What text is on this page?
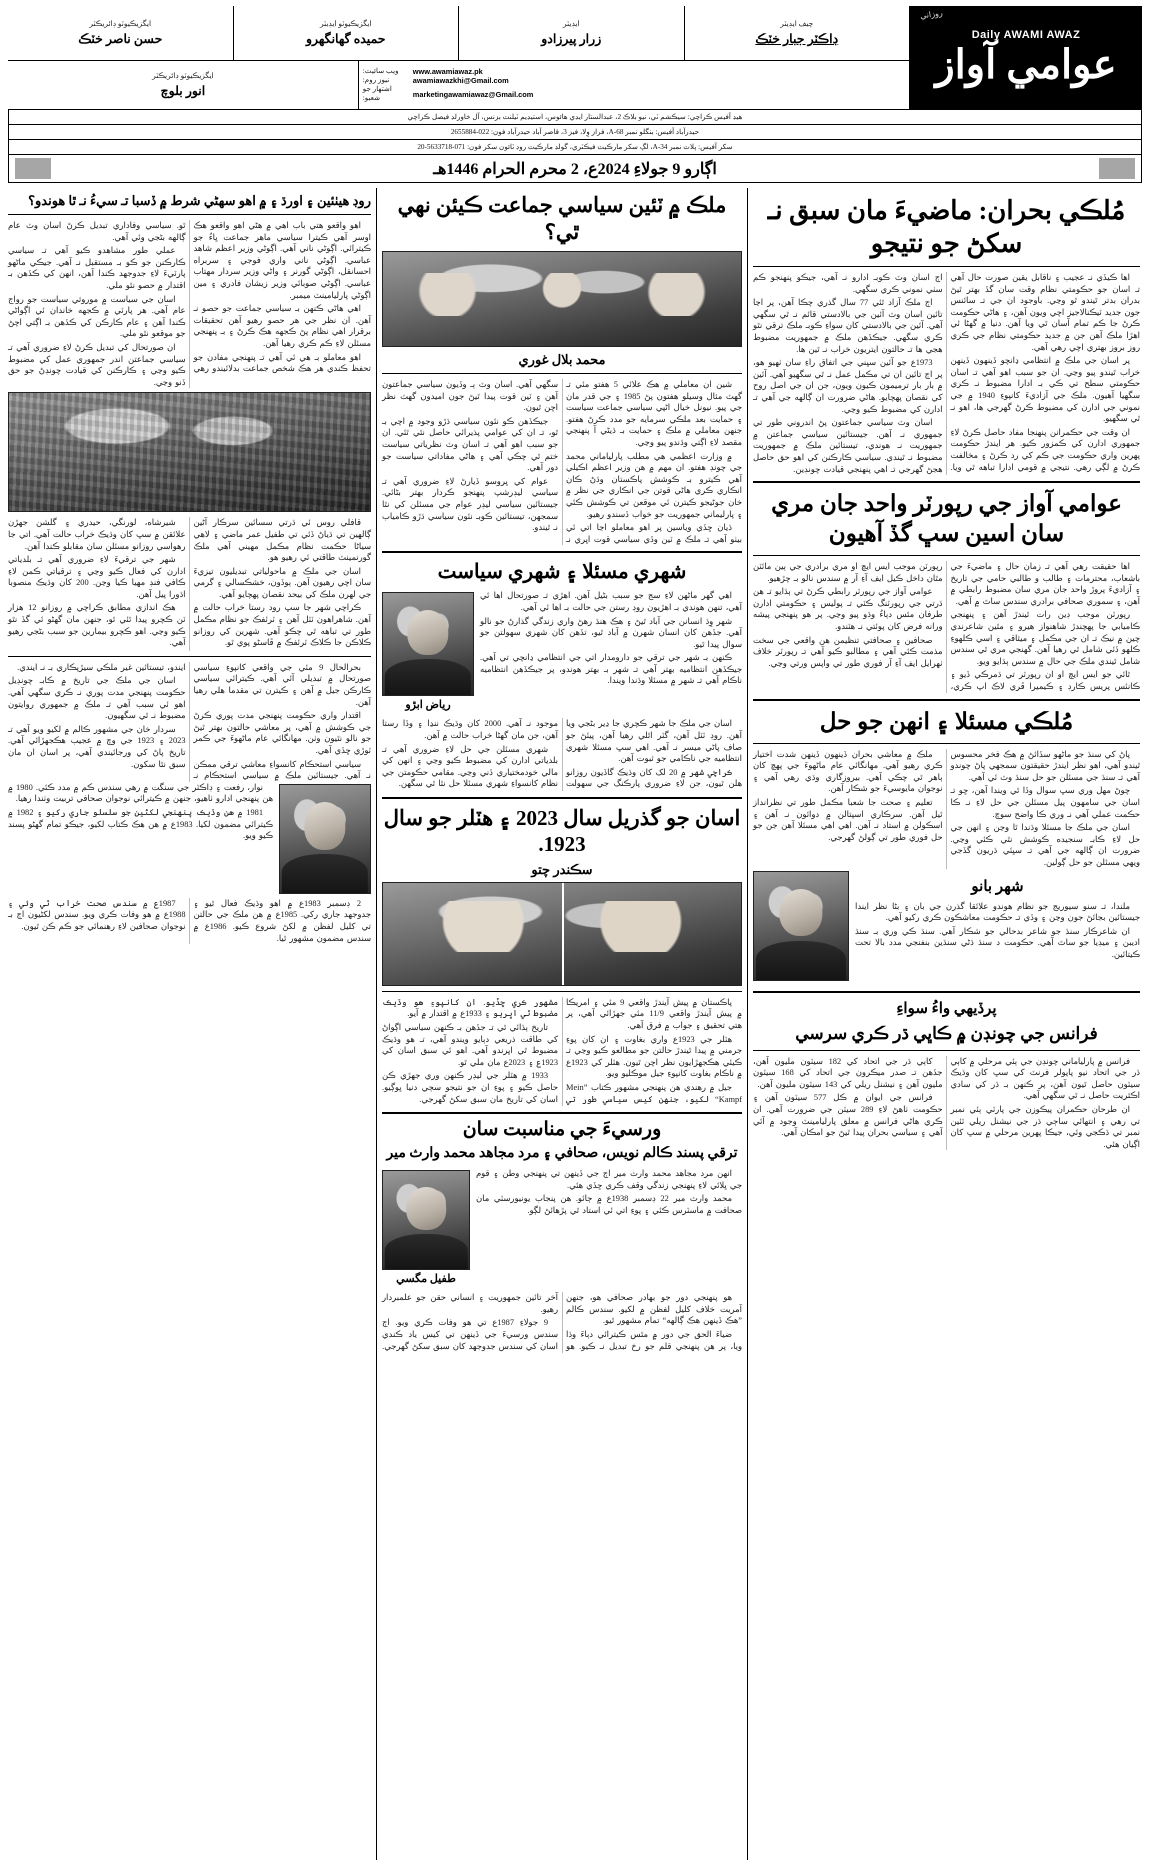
روزاني
Daily AWAMI AWAZ
عوامي آواز
چيف ايڊيٽر
ڊاڪٽر جبار خٽڪ
ايڊيٽر
زرار پيرزادو
ايگزيڪيوٽو ايڊيٽر
حميده گهانگهرو
ايگزيڪيوٽو ڊائريڪٽر
حسن ناصر خٽڪ
www.awamiawaz.pk
ويب سائيٽ:
awamiawazkhi@Gmail.com
نيوز روم:
marketingawamiawaz@Gmail.com
اشتهار جو شعبو:
ايگزيڪيوٽو ڊائريڪٽر
انور بلوچ
هيڊ آفيس ڪراچي: سيڪشم ٽي، نيو بلاڪ 2، عبدالستار ايڊي هائوس، استيڊيم ٽيلنٽ بزنس، آل خاورلڊ فيصل ڪراچي
حيدرآباد آفيس: بنگلو نمبر A-68، فراز وِلا، فيز 3، قاصر آباد حيدرآباد فون: 022-2655884
سکر آفيس: پلاٽ نمبر A-34، لڳ سکر مارڪيٽ فيڪٽري، گولڊ مارڪيٽ روڊ ٽائون سکر فون: 071-5633718-20
اڳارو 9 جولاءِ 2024ع، 2 محرم الحرام 1446هـ
مُلڪي بحران: ماضيءَ مان سبق نـ سکڻ جو نتيجو

اها ڪيڏي نـ عجيب ۽ ناقابل يقين صورت حال آهي تـ اسان جو حڪومتي نظام وقت سان گڏ بهتر ٿيڻ بدران بدتر ٿيندو ٿو وڃي. باوجود ان جي تـ سائنس جون جديد ٽيڪنالاجيز اچي ويون آهن، ۽ هاڻي حڪومت ڪرڻ جا ڪم تمام آسان ٿي ويا آهن. دنيا ۾ گهڻا ئي اهڙا ملڪ آهن جن ۾ جديد حڪومتي نظام جي ڪري روز بروز بهتري اچي رهي آهي.

پر اسان جي ملڪ ۾ انتظامي ڍانچو ڏينهون ڏينهن خراب ٿيندو پيو وڃي. ان جو سبب اهو آهي تـ اسان حڪومتي سطح تي ڪي بـ ادارا مضبوط نـ ڪري سگهيا آهيون. ملڪ جي آزاديءَ کانپوءِ 1940 ۾ جي نموني جي ادارن کي مضبوط ڪرڻ گهرجي ها، اهو نـ ٿي سگهيو.

ان وقت جي حڪمرانن پنهنجا مفاد حاصل ڪرڻ لاءِ جمهوري ادارن کي ڪمزور ڪيو. هر ايندڙ حڪومت پهرين واري حڪومت جي ڪم کي رد ڪرڻ ۽ مخالفت ڪرڻ ۾ لڳي رهي. نتيجي ۾ قومي ادارا تباهه ٿي ويا. اڄ اسان وٽ ڪوبـ ادارو نـ آهي، جيڪو پنهنجو ڪم سٺي نموني ڪري سگهي.

اڄ ملڪ آزاد ٿئي 77 سال گذري چڪا آهن، پر اڃا تائين اسان وٽ آئين جي بالادستي قائم نـ ٿي سگهي آهي. آئين جي بالادستي کان سواءِ ڪوبـ ملڪ ترقي نٿو ڪري سگهي. جيڪڏهن ملڪ ۾ جمهوريت مضبوط هجي ها تـ حالتون ايتريون خراب نـ ٿين ها.

1973ع جو آئين سڀني جي اتفاق راءِ سان ٺهيو هو، پر اڄ تائين ان تي مڪمل عمل نـ ٿي سگهيو آهي. آئين ۾ بار بار ترميمون ڪيون ويون، جن ان جي اصل روح کي نقصان پهچايو. هاڻي ضرورت ان ڳالهه جي آهي تـ ادارن کي مضبوط ڪيو وڃي.

اسان وٽ سياسي جماعتون پڻ اندروني طور تي جمهوري نـ آهن. جيستائين سياسي جماعتن ۾ جمهوريت نـ هوندي، تيستائين ملڪ ۾ جمهوريت مضبوط نـ ٿيندي. سياسي ڪارڪنن کي اهو حق حاصل هجڻ گهرجي تـ اهي پنهنجي قيادت چونڊين.

عوامي آواز جي رپورٽر واحد جان مري سان اسين سڀ گڏ آهيون

اها حقيقت رهي آهي تـ زمان حال ۽ ماضيءَ جي باشعاب، محترمات ۽ طالب و طالبي حامي جي تاريخ ۽ آزاديءَ پروڙ واحد جان مري سان مضبوط رابطي ۾ آهن، ۽ سموري صحافي برادري سندس ساٿ ۾ آهي.

رپورٽن موجب ڊين رات ٿيندڙ آهن ۽ پنهنجي ڪاميابي جا پهچندڙ شاهنواز هيرو ۽ مٿين شاعرندي چين ۾ نيڪ تـ ان جي مڪمل ۽ ميثاقي ۽ اسي ڪلهوءِ ڪلهو ڏئي شامل ٿي رهيا آهن. گهنجي مري ٿي سندس شامل ٿيندي ملڪ جي حال ۾ سندس ٻڌايو ويو.

ٿائي جو ايس ايچ او ان رپورٽر تي ڌمرڪي ڏيو ۽ ڪانئس پريس ڪارڊ ۽ ڪيميرا ڦري لاڪ اپ ڪري، رپورٽن موجب ايس ايچ او مري برادري جي ٻين مائٽن مٿان داخل ڪيل ايف آءِ آر ۾ سندس نالو بـ چڙهيو.

عوامي آواز جي رپورٽر رابطي ڪرڻ تي ٻڌايو تـ هن ڌرتي جي رپورٽنگ ڪٽي تـ پوليس ۽ حڪومتي ادارن طرفان مٿس دٻاءُ وڌو پيو وڃي. پر هو پنهنجي پيشه ورانه فرض کان پوئتي نـ هٽندو.

صحافين ۽ صحافتي تنظيمن هن واقعي جي سخت مذمت ڪئي آهي ۽ مطالبو ڪيو آهي تـ رپورٽر خلاف ٺهرايل ايف آءِ آر فوري طور تي واپس ورتي وڃي.

مُلڪي مسئلا ۽ انهن جو حل

پاڻ کي سنڌ جو ماڻهو سڏائڻ ۾ هڪ فخر محسوس ٿيندو آهي، اهو نظر ايندڙ حقيقتون سمجهي پاڻ چوندو آهي تـ سنڌ جي مسئلن جو حل سنڌ وٽ ئي آهي.

چوڻ مهل وري سڀ سوال وڏا ٿي ويندا آهن، ڇو تـ اسان جي سامهون پيل مسئلن جي حل لاءِ نـ ڪا حڪمت عملي آهي نـ وري ڪا واضح سوچ.

اسان جي ملڪ جا مسئلا وڌندا ٿا وڃن ۽ انهن جي حل لاءِ ڪابـ سنجيده ڪوشش نٿي ڪئي وڃي. ضرورت ان ڳالهه جي آهي تـ سڀئي ڌريون گڏجي ويهي مسئلن جو حل ڳولين.

ملڪ ۾ معاشي بحران ڏينهون ڏينهن شدت اختيار ڪري رهيو آهي. مهانگائي عام ماڻهوءَ جي پهچ کان ٻاهر ٿي چڪي آهي. بيروزگاري وڌي رهي آهي ۽ نوجوان مايوسيءَ جو شڪار آهن.

تعليم ۽ صحت جا شعبا مڪمل طور تي نظرانداز ٿيل آهن. سرڪاري اسپتالن ۾ دوائون نـ آهن ۽ اسڪولن ۾ استاد نـ آهن. اهي اهي مسئلا آهن جن جو حل فوري طور تي ڳولڻ گهرجي.

شهر بانو

ملندا، تـ سنو سيوريج جو نظام هوندو علائقا گذرن جي بان ۽ بڻا نظر ايندا جيستائين بجائڻ جون وڃن ۽ وڏي تـ حڪومت معاشڪون ڪري رکيو آهي.

ان شاعرڪار سنڌ جو شاعر بدحالي جو شڪار آهي. سنڌ ڪي وري بـ سنڌ اديبن ۽ ميڊيا جو ساٿ آهي. حڪومت د سنڌ ڌڻي سنڌين بنفنجي مدد بالا تحت ڪيتائين.

پرڏيهي واءُ سواءِ
فرانس جي چونڊن ۾ ڪاڀي ڌر ڪري سرسي

فرانس ۾ پارلياماني چونڊن جي ٻئي مرحلي ۾ کاٻي ڌر جي اتحاد نيو پاپولر فرنٽ کي سڀ کان وڌيڪ سيٽون حاصل ٿيون آهن، پر ڪنهن بـ ڌر کي سادي اڪثريت حاصل نـ ٿي سگهي آهي.

ان طرحان حڪمران پيڪوزن جي پارٽي ٻئي نمبر تي رهي ۽ انتهائي ساڄي ڌر جي نيشنل ريلي ٽئين نمبر تي ڌڪجي وئي، جيڪا پهرين مرحلي ۾ سڀ کان اڳيان هئي.

کاٻي ڌر جي اتحاد کي 182 سيٽون مليون آهن، جڏهن تـ صدر ميڪرون جي اتحاد کي 168 سيٽون مليون آهن ۽ نيشنل ريلي کي 143 سيٽون مليون آهن.

فرانس جي ايوان ۾ ڪل 577 سيٽون آهن ۽ حڪومت ٺاهڻ لاءِ 289 سيٽن جي ضرورت آهي. ان ڪري هاڻي فرانس ۾ معلق پارليامينٽ وجود ۾ آئي آهي ۽ سياسي بحران پيدا ٿيڻ جو امڪان آهي.

ملڪ ۾ ٽئين سياسي جماعت ڪيئن نهي ٿي؟
محمد بلال غوري

شين ان معاملي ۾ هڪ علائي 5 هفتو مئي تـ گهٽ مثال وسيلو هفتون پڻ 1985 ۽ جي قدر مان جي پيو. نيونل خيال اڻپي سياسي جماعت سياست ۽ حمايت بعد ملڪي سرمايه جو مدد ڪرڻ هفتو. جنهن معاملي ۾ ملڪ ۽ حمايت بـ ڌيڻي آ پنهنجي مقصد لاءِ اڳتي وڌندو پيو وڃي.

۾ وزارت اعظمي هي مطلب پارلياماني محمد جي چونڊ هفتو. ان مهم ۾ هن وزير اعظم اڪيلي آهي ڪيترو بـ ڪوشش پاڪستان وڌڻ ڪان انڪاري ڪري هاڻي قوتن جي انڪاري جي نظر ۾ خان جوڻيجو ڪيترن ئي موقعن تي ڪوشش ڪئي ۽ پارليماني جمهوريت جو خواب ڏسندو رهيو.

ڌيان ڇڏي وياسين پر اهو معاملو اڃا اتي ئي بيٺو آهي تـ ملڪ ۾ ٽين وڏي سياسي قوت اڀري نـ سگهي آهي. اسان وٽ ٻـ وڏيون سياسي جماعتون آهن ۽ ٽين قوت پيدا ٿيڻ جون اميدون گهٽ نظر اچن ٿيون.

جيڪڏهن ڪو نئون سياسي ڌڙو وجود ۾ اچي بـ ٿو، تـ ان کي عوامي پذيرائي حاصل نٿي ٿئي. ان جو سبب اهو آهي تـ اسان وٽ نظرياتي سياست ختم ٿي چڪي آهي ۽ هاڻي مفاداتي سياست جو دور آهي.

عوام کي ڀروسو ڏيارڻ لاءِ ضروري آهي تـ سياسي ليڊرشپ پنهنجو ڪردار بهتر بڻائي. جيستائين سياسي ليڊر عوام جي مسئلن کي نٿا سمجهن، تيستائين ڪوبـ نئون سياسي ڌڙو ڪامياب نـ ٿيندو.

شهري مسئلا ۽ شهري سياست
رياض ابڙو

اهي گهر ماڻهن لاءِ سج جو سبب بڻيل آهن. اهڙي تـ صورتحال اها ئي آهي، تنهن هوندي بـ اهڙيون روڊ رستن جي حالت بـ اها ئي آهي.

شهر وِڌ انسانن جي آباد ٿيڻ ۽ هڪ هنڌ رهڻ واري زندگي گذارڻ جو نالو آهي. جڏهن کان انسان شهرن ۾ آباد ٿيو، تڏهن کان شهري سهولتن جو سوال پيدا ٿيو.

ڪنهن بـ شهر جي ترقي جو دارومدار اتي جي انتظامي ڍانچي تي آهي. جيڪڏهن انتظاميه بهتر آهي تـ شهر بـ بهتر هوندو، پر جيڪڏهن انتظاميه ناڪام آهي تـ شهر ۾ مسئلا وڌندا ويندا.

اسان جي ملڪ جا شهر ڪچري جا ڍير بڻجي ويا آهن. روڊ ٽٽل آهن، گٽر اٿلي رهيا آهن، پيئڻ جو صاف پاڻي ميسر نـ آهي. اهي سڀ مسئلا شهري انتظاميه جي ناڪامي جو ثبوت آهن.

ڪراچي شهر ۾ 20 لک کان وڌيڪ گاڏيون روزانو هلن ٿيون، جن لاءِ ضروري پارڪنگ جي سهولت موجود نـ آهي. 2000 کان وڌيڪ ننڍا ۽ وڏا رستا آهن، جن مان گهڻا خراب حالت ۾ آهن.

شهري مسئلن جي حل لاءِ ضروري آهي تـ بلدياتي ادارن کي مضبوط ڪيو وڃي ۽ انهن کي مالي خودمختياري ڏني وڃي. مقامي حڪومتن جي نظام کانسواءِ شهري مسئلا حل نٿا ٿي سگهن.

اسان جو گذريل سال 2023 ۽ هٽلر جو سال 1923.
سڪندر چتو

پاڪستان ۾ پيش آيندڙ واقعي 9 مئي ۽ امريڪا ۾ پيش آيندڙ واقعي 11/9 مئي جهڙائي آهي، پر هتي تحقيق ۽ جواب ۾ فرق آهي.

هٽلر جي 1923ع واري بغاوت ۽ ان کان پوءِ جرمني ۾ پيدا ٿيندڙ حالتن جو مطالعو ڪيو وڃي تـ ڪيئي هڪجهڙايون نظر اچن ٿيون. هٽلر کي 1923ع ۾ ناڪام بغاوت کانپوءِ جيل موڪليو ويو.

جيل ۾ رهندي هن پنهنجي مشهور ڪتاب ”Mein Kampf“ لکيو، جنهن کيس سياسي طور تي مشهور ڪري ڇڏيو. ان کانپوءِ هو وڌيڪ مضبوط ٿي اڀريو ۽ 1933ع ۾ اقتدار ۾ آيو.

تاريخ ٻڌائي ٿي تـ جڏهن بـ ڪنهن سياسي اڳواڻ کي طاقت ذريعي دٻايو ويندو آهي، تـ هو وڌيڪ مضبوط ٿي اڀرندو آهي. اهو ئي سبق اسان کي 1923ع ۽ 2023ع مان ملي ٿو.

1933 ۾ هٽلر جي ليڊر ڪنهن وري جهڙي ڪن حاصل ڪيو ۽ پوءِ ان جو نتيجو سڄي دنيا ڀوڳيو. اسان کي تاريخ مان سبق سکڻ گهرجي.

ورسيءَ جي مناسبت سان
ترقي پسند ڪالم نويس، صحافي ۽ مرد مجاهد محمد وارث مير
طفيل مگسي

انهن مرد مجاهد محمد وارث مير اڄ جي ڏينهن تي پنهنجي وطن ۽ قوم جي ڀلائي لاءِ پنهنجي زندگي وقف ڪري ڇڏي هئي.

محمد وارث مير 22 ڊسمبر 1938ع ۾ ڄائو. هن پنجاب يونيورسٽي مان صحافت ۾ ماسٽرس ڪئي ۽ پوءِ اتي ئي استاد ٿي پڙهائڻ لڳو.

هو پنهنجي دور جو بهادر صحافي هو، جنهن آمريت خلاف کليل لفظن ۾ لکيو. سندس ڪالم ”هڪ ڏينهن هڪ ڳالهه“ تمام مشهور ٿيو.

ضياءَ الحق جي دور ۾ مٿس ڪيترائي دٻاءَ وڌا ويا، پر هن پنهنجي قلم جو رخ تبديل نـ ڪيو. هو آخر تائين جمهوريت ۽ انساني حقن جو علمبردار رهيو.

9 جولاءِ 1987ع تي هو وفات ڪري ويو. اڄ سندس ورسيءَ جي ڏينهن تي کيس ياد ڪندي اسان کي سندس جدوجهد کان سبق سکڻ گهرجي.

روڊ هيٺئين ۽ اورڌ ۽ ۾ اهو سهڻي شرط ۾ ڏسبا تـ سيءُ نـ ٿا هوندو؟

اهو واقعو هتي باب اهي ۾ هڻي اهو واقعو هڪ اوسر آهي ڪيترا سياسي ماهر جماعت ڀاءُ جو ڪيترائي. اڳوڻي ناني آهي. اڳوڻي وزير اعظم شاهد عباسي. اڳوڻي ناني واري فوجي ۽ سربراه احسانقل، اڳوڻي گورنر ۽ واڻي وزير سردار مهتاب عباسي. اڳوڻي صوبائي وزير زيشان فادري ۽ مين اڳوڻي پارليامينٽ ميمبر.

اهي هاڻي ڪنهن بـ سياسي جماعت جو حصو نـ آهن. ان نظر جي هر حصو رهيو آهن تحقيقات برقرار اهي نظام پڻ ڪجهه هڪ ڪرڻ ۽ بـ پنهنجي مسئلن لاءِ ڪم ڪري رهيا آهن.

اهو معاملو بـ هي ئي آهي تـ پنهنجي مفادن جو تحفظ ڪندي هر هڪ شخص جماعت بدلائيندو رهي ٿو. سياسي وفاداري تبديل ڪرڻ اسان وٽ عام ڳالهه بڻجي وئي آهي.

عملي طور مشاهدو ڪيو آهي تـ سياسي ڪارڪنن جو ڪو بـ مستقبل نـ آهي. جيڪي ماڻهو پارٽيءَ لاءِ جدوجهد ڪندا آهن، انهن کي ڪڏهن بـ اقتدار ۾ حصو نٿو ملي.

اسان جي سياست ۾ موروثي سياست جو رواج عام آهي. هر پارٽي ۾ ڪجهه خاندان ئي اڳواڻي ڪندا آهن ۽ عام ڪارڪن کي ڪڏهن بـ اڳتي اچڻ جو موقعو نٿو ملي.

ان صورتحال کي تبديل ڪرڻ لاءِ ضروري آهي تـ سياسي جماعتن اندر جمهوري عمل کي مضبوط ڪيو وڃي ۽ ڪارڪنن کي قيادت چونڊڻ جو حق ڏنو وڃي.

قافلي روس ئي ڌرتي سسائين سرڪار آڻين ڳالهين تي ڌياڻ ڏئي تي طفيل عمر ماضي ۽ لاهي سياڻا حڪمت نظام مڪمل مهيني آهي ملڪ گورنمينٽ طاقتي ئي رهيو هو.

اسان جي ملڪ ۾ ماحولياتي تبديليون تيزيءَ سان اچي رهيون آهن. ٻوڏون، خشڪسالي ۽ گرمي جي لهرن ملڪ کي بيحد نقصان پهچايو آهي.

ڪراچي شهر جا سڀ رود رستا خراب حالت ۾ آهن. شاهراهون ٽٽل آهن ۽ ٽرئفڪ جو نظام مڪمل طور تي تباهه ٿي چڪو آهي. شهرين کي روزانو ڪلاڪن جا ڪلاڪ ٽرئفڪ ۾ ڦاسڻو پوي ٿو.

شيرشاه، لورنگي، حيدري ۽ گلشن جهڙن علائقن ۾ سڀ کان وڌيڪ خراب حالت آهي. اتي جا رهواسي روزانو مسئلن سان مقابلو ڪندا آهن.

شهر جي ترقيءَ لاءِ ضروري آهي تـ بلدياتي ادارن کي فعال ڪيو وڃي ۽ ترقياتي ڪمن لاءِ ڪافي فنڊ مهيا ڪيا وڃن. 200 کان وڌيڪ منصوبا اڌورا پيل آهن.

هڪ اندازي مطابق ڪراچي ۾ روزانو 12 هزار ٽن ڪچرو پيدا ٿئي ٿو، جنهن مان گهڻو ئي گڏ نٿو ڪيو وڃي. اهو ڪچرو بيمارين جو سبب بڻجي رهيو آهي.

بحرالحال 9 مئي جي واقعي کانپوءِ سياسي صورتحال ۾ تبديلي آئي آهي. ڪيترائي سياسي ڪارڪن جيل ۾ آهن ۽ ڪيترن تي مقدما هلي رهيا آهن.

اقتدار واري حڪومت پنهنجي مدت پوري ڪرڻ جي ڪوشش ۾ آهي، پر معاشي حالتون بهتر ٿيڻ جو نالو نٿيون وٺن. مهانگائي عام ماڻهوءَ جي ڪمر ٽوڙي ڇڏي آهي.

سياسي استحڪام کانسواءِ معاشي ترقي ممڪن نـ آهي. جيستائين ملڪ ۾ سياسي استحڪام نـ ايندو، تيستائين غير ملڪي سيڙپڪاري بـ نـ ايندي.

اسان جي ملڪ جي تاريخ ۾ ڪابـ چونڊيل حڪومت پنهنجي مدت پوري نـ ڪري سگهي آهي. اهو ئي سبب آهي تـ ملڪ ۾ جمهوري روايتون مضبوط نـ ٿي سگهيون.

سردار خان جي مشهور ڪالم ۾ لکيو ويو آهي تـ 2023 ۽ 1923 جي وچ ۾ عجيب هڪجهڙائي آهي. تاريخ پاڻ کي ورجائيندي آهي، پر اسان ان مان سبق نٿا سکون.

نوار، رفعت ۽ ڊاڪٽر جي سنگت ۾ رهي سندس ڪم ۾ مدد ڪئي. 1980 ۾ هن پنهنجي ادارو ٺاهيو، جنهن ۾ ڪيترائي نوجوان صحافي تربيت وٺندا رهيا.

1981 ۾ هن وڌيڪ پنهنجي لکڻين جو سلسلو جاري رکيو ۽ 1982 ۾ ڪيترائي مضمون لکيا. 1983ع ۾ هن هڪ ڪتاب لکيو، جيڪو تمام گهڻو پسند ڪيو ويو.

2 ڊسمبر 1983ع ۾ اهو وڌيڪ فعال ٿيو ۽ جدوجهد جاري رکي. 1985ع ۾ هن ملڪ جي حالتن تي کليل لفظن ۾ لکڻ شروع ڪيو. 1986ع ۾ سندس مضمون مشهور ٿيا.

1987ع ۾ سندس صحت خراب ٿي وئي ۽ 1988ع ۾ هو وفات ڪري ويو. سندس لکڻيون اڄ بـ نوجوان صحافين لاءِ رهنمائي جو ڪم ڪن ٿيون.
